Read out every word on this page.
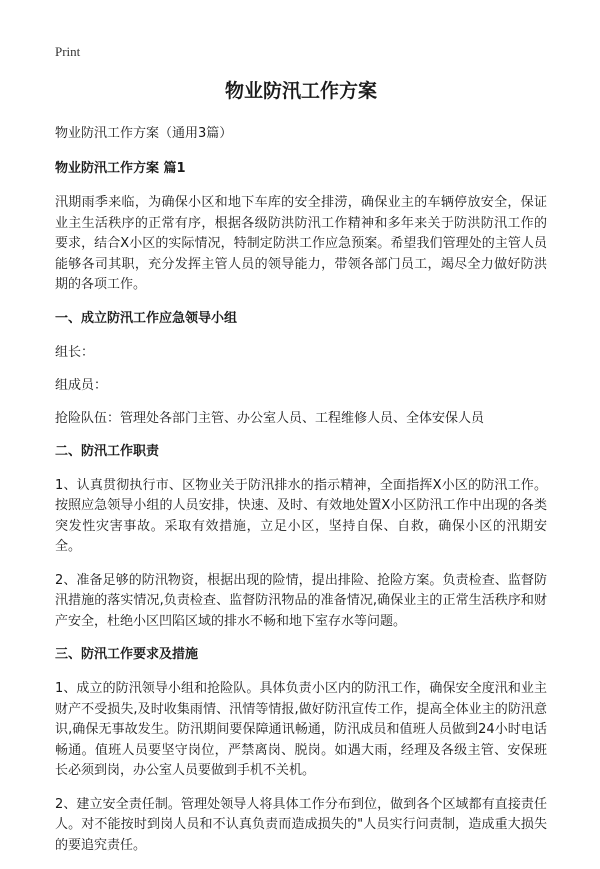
Print
物业防汛工作方案
物业防汛工作方案（通用3篇）
物业防汛工作方案 篇1
汛期雨季来临，为确保小区和地下车库的安全排涝，确保业主的车辆停放安全，保证业主生活秩序的正常有序，根据各级防洪防汛工作精神和多年来关于防洪防汛工作的要求，结合X小区的实际情况，特制定防洪工作应急预案。希望我们管理处的主管人员能够各司其职，充分发挥主管人员的领导能力，带领各部门员工，竭尽全力做好防洪期的各项工作。
一、成立防汛工作应急领导小组
组长：
组成员：
抢险队伍：管理处各部门主管、办公室人员、工程维修人员、全体安保人员
二、防汛工作职责
1、认真贯彻执行市、区物业关于防汛排水的指示精神，全面指挥X小区的防汛工作。按照应急领导小组的人员安排，快速、及时、有效地处置X小区防汛工作中出现的各类突发性灾害事故。采取有效措施，立足小区，坚持自保、自救，确保小区的汛期安全。
2、准备足够的防汛物资，根据出现的险情，提出排险、抢险方案。负责检查、监督防汛措施的落实情况,负责检查、监督防汛物品的准备情况,确保业主的正常生活秩序和财产安全，杜绝小区凹陷区域的排水不畅和地下室存水等问题。
三、防汛工作要求及措施
1、成立的防汛领导小组和抢险队。具体负责小区内的防汛工作，确保安全度汛和业主财产不受损失,及时收集雨情、汛情等情报,做好防汛宣传工作，提高全体业主的防汛意识,确保无事故发生。防汛期间要保障通讯畅通，防汛成员和值班人员做到24小时电话畅通。值班人员要坚守岗位，严禁离岗、脱岗。如遇大雨，经理及各级主管、安保班长必须到岗，办公室人员要做到手机不关机。
2、建立安全责任制。管理处领导人将具体工作分布到位，做到各个区域都有直接责任人。对不能按时到岗人员和不认真负责而造成损失的"人员实行问责制，造成重大损失的要追究责任。
